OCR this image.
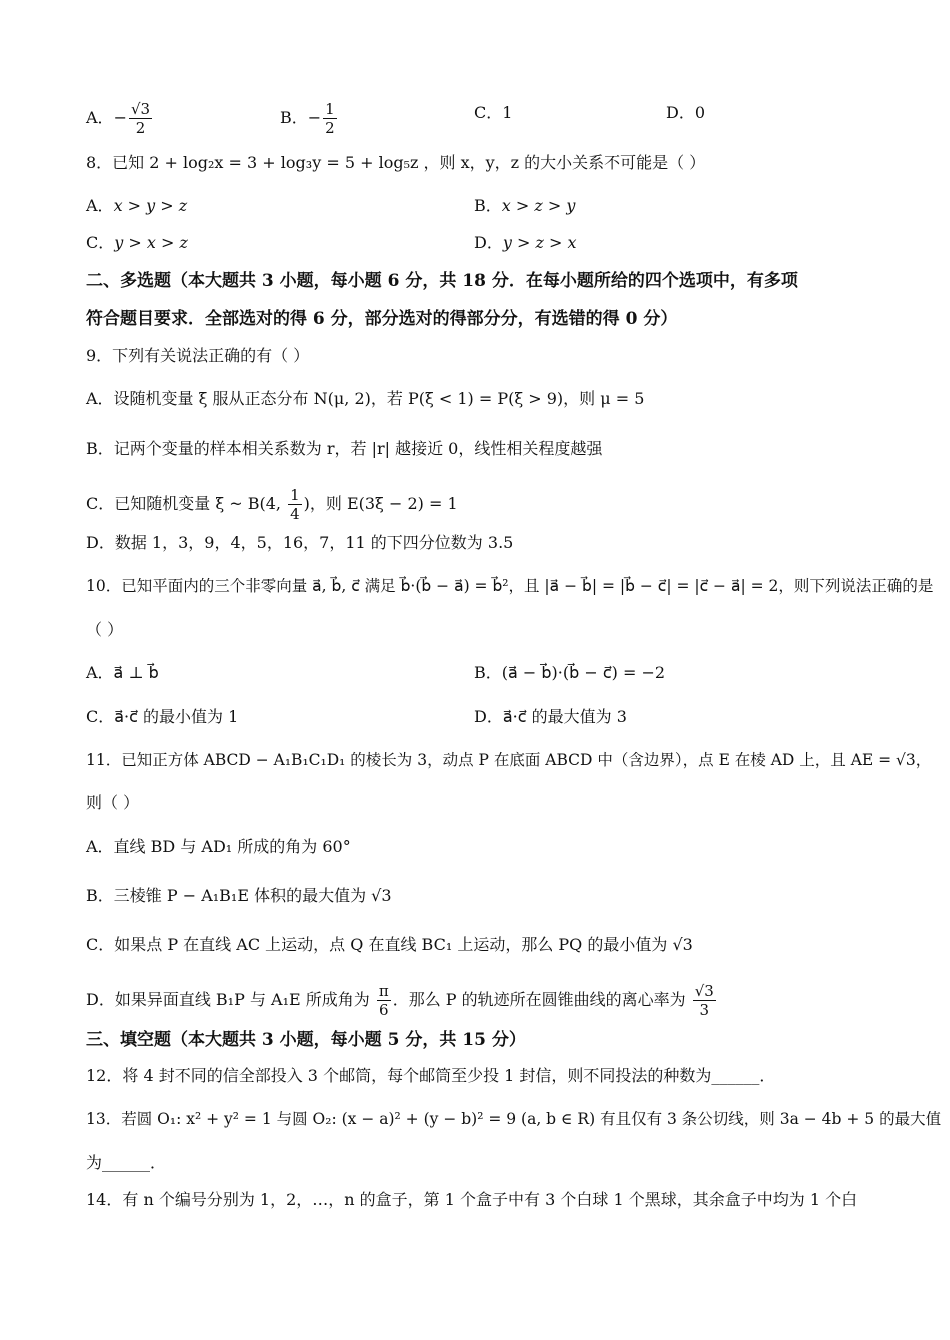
A．− $\frac{√3}{2}$	B．− $\frac{1}{2}$	C．1	D．0
8．已知 2 + log₂x = 3 + log₃y = 5 + log₅z ，则 x，y，z 的大小关系不可能是（ ）
A．x > y > z	B．x > z > y
C．y > x > z	D．y > z > x
二、多选题（本大题共 3 小题，每小题 6 分，共 18 分．在每小题所给的四个选项中，有多项
符合题目要求．全部选对的得 6 分，部分选对的得部分分，有选错的得 0 分）
9．下列有关说法正确的有（ ）
A．设随机变量 ξ 服从正态分布 N(μ, 2)，若 P(ξ < 1) = P(ξ > 9)，则 μ = 5
B．记两个变量的样本相关系数为 r，若 |r| 越接近 0，线性相关程度越强
C．已知随机变量 ξ ~ B(4, $\frac{1}{4}$ )，则 E(3ξ − 2) = 1
D．数据 1，3，9，4，5，16，7，11 的下四分位数为 3.5
10．已知平面内的三个非零向量 a⃗, b⃗, c⃗ 满足 b⃗·(b⃗ − a⃗) = b⃗²，且 |a⃗ − b⃗| = |b⃗ − c⃗| = |c⃗ − a⃗| = 2，则下列说法正确的是
（ ）
A．a⃗ ⊥ b⃗	B．(a⃗ − b⃗)·(b⃗ − c⃗) = −2
C．a⃗·c⃗ 的最小值为 1	D．a⃗·c⃗ 的最大值为 3
11．已知正方体 ABCD − A₁B₁C₁D₁ 的棱长为 3，动点 P 在底面 ABCD 中（含边界），点 E 在棱 AD 上，且 AE = √3，
则（ ）
A．直线 BD 与 AD₁ 所成的角为 60°
B．三棱锥 P − A₁B₁E 体积的最大值为 √3
C．如果点 P 在直线 AC 上运动，点 Q 在直线 BC₁ 上运动，那么 PQ 的最小值为 √3
D．如果异面直线 B₁P 与 A₁E 所成角为 $\frac{\pi}{6}$ ．那么 P 的轨迹所在圆锥曲线的离心率为 $\frac{√3}{3}$
三、填空题（本大题共 3 小题，每小题 5 分，共 15 分）
12．将 4 封不同的信全部投入 3 个邮筒，每个邮筒至少投 1 封信，则不同投法的种数为______．
13．若圆 O₁: x² + y² = 1 与圆 O₂: (x − a)² + (y − b)² = 9 (a, b ∈ R) 有且仅有 3 条公切线，则 3a − 4b + 5 的最大值
为______．
14．有 n 个编号分别为 1，2，…，n 的盒子，第 1 个盒子中有 3 个白球 1 个黑球，其余盒子中均为 1 个白
